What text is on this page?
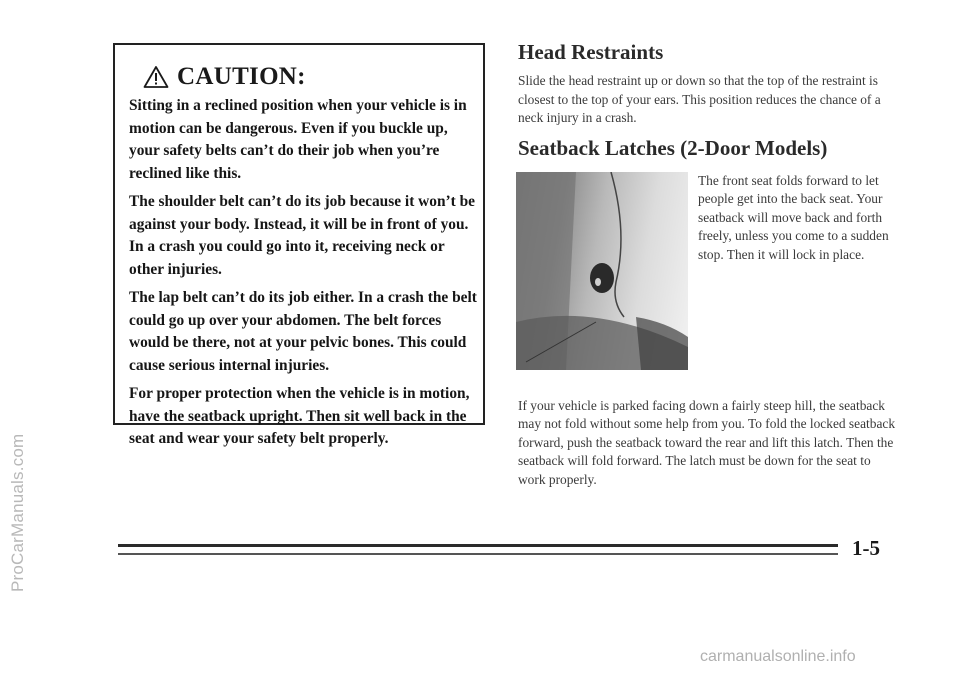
ProCarManuals.com
CAUTION:

Sitting in a reclined position when your vehicle is in motion can be dangerous. Even if you buckle up, your safety belts can’t do their job when you’re reclined like this.

The shoulder belt can’t do its job because it won’t be against your body. Instead, it will be in front of you. In a crash you could go into it, receiving neck or other injuries.

The lap belt can’t do its job either. In a crash the belt could go up over your abdomen. The belt forces would be there, not at your pelvic bones. This could cause serious internal injuries.

For proper protection when the vehicle is in motion, have the seatback upright. Then sit well back in the seat and wear your safety belt properly.

Head Restraints

Slide the head restraint up or down so that the top of the restraint is closest to the top of your ears. This position reduces the chance of a neck injury in a crash.

Seatback Latches (2-Door Models)

The front seat folds forward to let people get into the back seat. Your seatback will move back and forth freely, unless you come to a sudden stop. Then it will lock in place.

If your vehicle is parked facing down a fairly steep hill, the seatback may not fold without some help from you. To fold the locked seatback forward, push the seatback toward the rear and lift this latch. Then the seatback will fold forward. The latch must be down for the seat to work properly.

1-5
carmanualsonline.info
